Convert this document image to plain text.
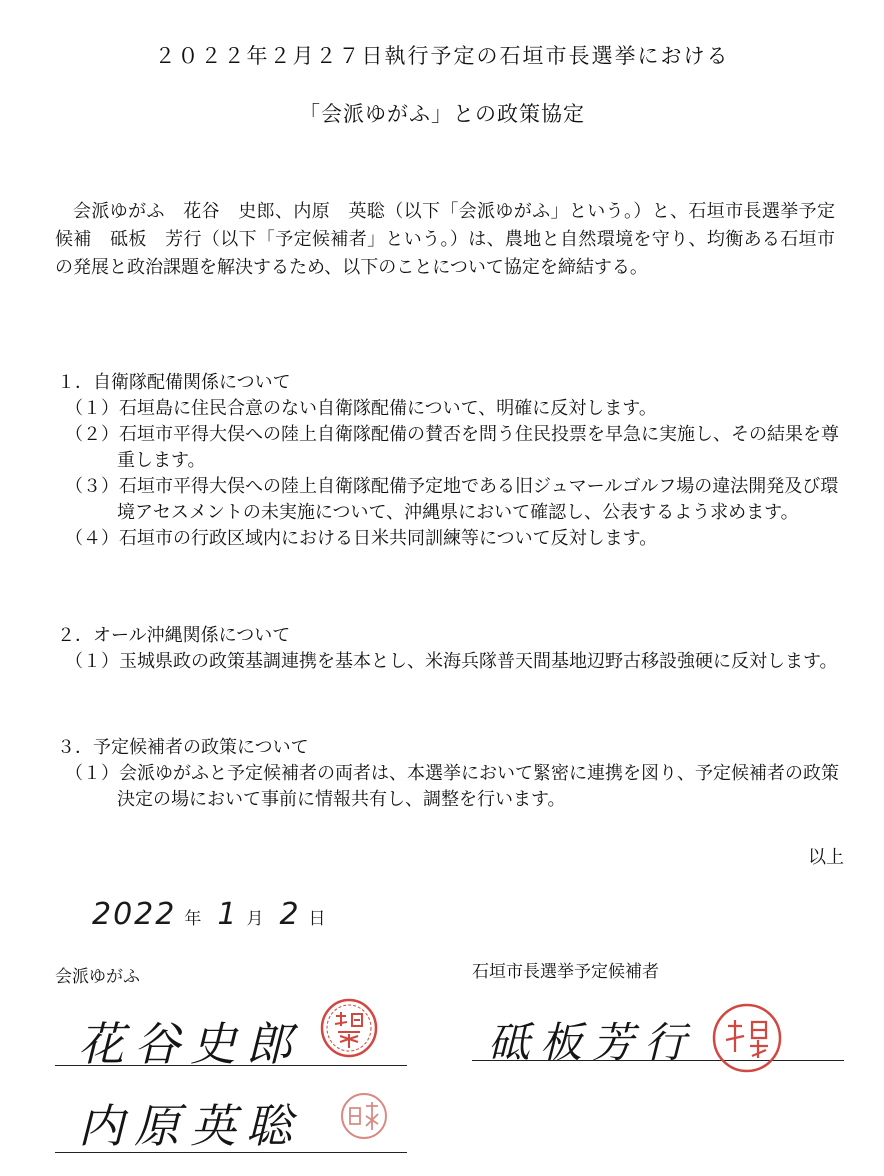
２０２２年２月２７日執行予定の石垣市長選挙における
「会派ゆがふ」との政策協定
会派ゆがふ　花谷　史郎、内原　英聡（以下「会派ゆがふ」という。）と、石垣市長選挙予定候補　砥板　芳行（以下「予定候補者」という。）は、農地と自然環境を守り、均衡ある石垣市の発展と政治課題を解決するため、以下のことについて協定を締結する。
１．自衛隊配備関係について
（１）石垣島に住民合意のない自衛隊配備について、明確に反対します。
（２）石垣市平得大俣への陸上自衛隊配備の賛否を問う住民投票を早急に実施し、その結果を尊重します。
（３）石垣市平得大俣への陸上自衛隊配備予定地である旧ジュマールゴルフ場の違法開発及び環境アセスメントの未実施について、沖縄県において確認し、公表するよう求めます。
（４）石垣市の行政区域内における日米共同訓練等について反対します。
２．オール沖縄関係について
（１）玉城県政の政策基調連携を基本とし、米海兵隊普天間基地辺野古移設強硬に反対します。
３．予定候補者の政策について
（１）会派ゆがふと予定候補者の両者は、本選挙において緊密に連携を図り、予定候補者の政策決定の場において事前に情報共有し、調整を行います。
以上
2022 年 1 月 2 日
会派ゆがふ	石垣市長選挙予定候補者
花谷史郎
内原英聡
砥板芳行
